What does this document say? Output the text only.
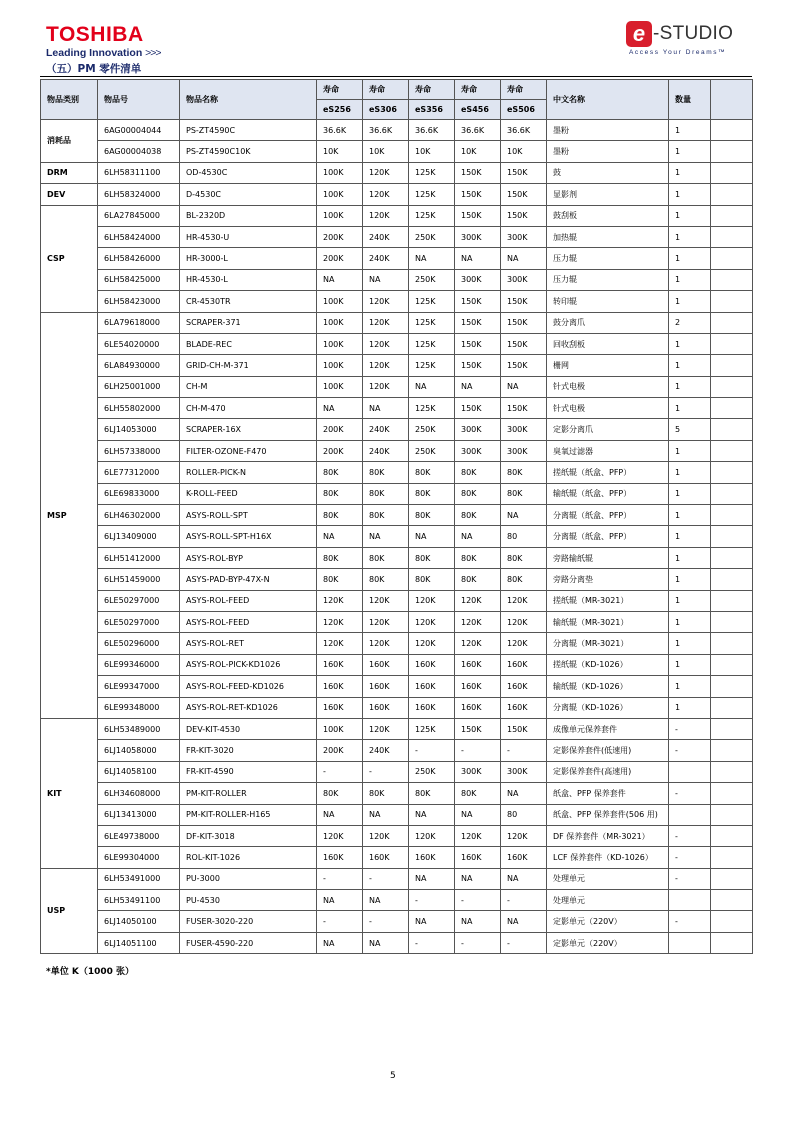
TOSHIBA
Leading Innovation >>>
e -STUDIO
Access Your Dreams™
（五）PM 零件清单
物品类别	物品号	物品名称	寿命	寿命	寿命	寿命	寿命	中文名称	数量	
			eS256	eS306	eS356	eS456	eS506			
消耗品	6AG00004044	PS-ZT4590C	36.6K	36.6K	36.6K	36.6K	36.6K	墨粉	1	
	6AG00004038	PS-ZT4590C10K	10K	10K	10K	10K	10K	墨粉	1	
DRM	6LH58311100	OD-4530C	100K	120K	125K	150K	150K	鼓	1	
DEV	6LH58324000	D-4530C	100K	120K	125K	150K	150K	显影剂	1	
CSP	6LA27845000	BL-2320D	100K	120K	125K	150K	150K	鼓刮板	1	
	6LH58424000	HR-4530-U	200K	240K	250K	300K	300K	加热辊	1	
	6LH58426000	HR-3000-L	200K	240K	NA	NA	NA	压力辊	1	
	6LH58425000	HR-4530-L	NA	NA	250K	300K	300K	压力辊	1	
	6LH58423000	CR-4530TR	100K	120K	125K	150K	150K	转印辊	1	
MSP	6LA79618000	SCRAPER-371	100K	120K	125K	150K	150K	鼓分离爪	2	
	6LE54020000	BLADE-REC	100K	120K	125K	150K	150K	回收刮板	1	
	6LA84930000	GRID-CH-M-371	100K	120K	125K	150K	150K	栅网	1	
	6LH25001000	CH-M	100K	120K	NA	NA	NA	针式电极	1	
	6LH55802000	CH-M-470	NA	NA	125K	150K	150K	针式电极	1	
	6LJ14053000	SCRAPER-16X	200K	240K	250K	300K	300K	定影分离爪	5	
	6LH57338000	FILTER-OZONE-F470	200K	240K	250K	300K	300K	臭氧过滤器	1	
	6LE77312000	ROLLER-PICK-N	80K	80K	80K	80K	80K	搓纸辊（纸盒、PFP）	1	
	6LE69833000	K-ROLL-FEED	80K	80K	80K	80K	80K	输纸辊（纸盒、PFP）	1	
	6LH46302000	ASYS-ROLL-SPT	80K	80K	80K	80K	NA	分离辊（纸盒、PFP）	1	
	6LJ13409000	ASYS-ROLL-SPT-H16X	NA	NA	NA	NA	80	分离辊（纸盒、PFP）	1	
	6LH51412000	ASYS-ROL-BYP	80K	80K	80K	80K	80K	旁路输纸辊	1	
	6LH51459000	ASYS-PAD-BYP-47X-N	80K	80K	80K	80K	80K	旁路分离垫	1	
	6LE50297000	ASYS-ROL-FEED	120K	120K	120K	120K	120K	搓纸辊（MR-3021）	1	
	6LE50297000	ASYS-ROL-FEED	120K	120K	120K	120K	120K	输纸辊（MR-3021）	1	
	6LE50296000	ASYS-ROL-RET	120K	120K	120K	120K	120K	分离辊（MR-3021）	1	
	6LE99346000	ASYS-ROL-PICK-KD1026	160K	160K	160K	160K	160K	搓纸辊（KD-1026）	1	
	6LE99347000	ASYS-ROL-FEED-KD1026	160K	160K	160K	160K	160K	输纸辊（KD-1026）	1	
	6LE99348000	ASYS-ROL-RET-KD1026	160K	160K	160K	160K	160K	分离辊（KD-1026）	1	
KIT	6LH53489000	DEV-KIT-4530	100K	120K	125K	150K	150K	成像单元保养套件	-	
	6LJ14058000	FR-KIT-3020	200K	240K	-	-	-	定影保养套件(低速用)	-	
	6LJ14058100	FR-KIT-4590	-	-	250K	300K	300K	定影保养套件(高速用)		
	6LH34608000	PM-KIT-ROLLER	80K	80K	80K	80K	NA	纸盒、PFP 保养套件	-	
	6LJ13413000	PM-KIT-ROLLER-H165	NA	NA	NA	NA	80	纸盒、PFP 保养套件(506 用)		
	6LE49738000	DF-KIT-3018	120K	120K	120K	120K	120K	DF 保养套件（MR-3021）	-	
	6LE99304000	ROL-KIT-1026	160K	160K	160K	160K	160K	LCF 保养套件（KD-1026）	-	
USP	6LH53491000	PU-3000	-	-	NA	NA	NA	处理单元	-	
	6LH53491100	PU-4530	NA	NA	-	-	-	处理单元		
	6LJ14050100	FUSER-3020-220	-	-	NA	NA	NA	定影单元（220V）	-	
	6LJ14051100	FUSER-4590-220	NA	NA	-	-	-	定影单元（220V）		
*单位 K（1000 张）
5
